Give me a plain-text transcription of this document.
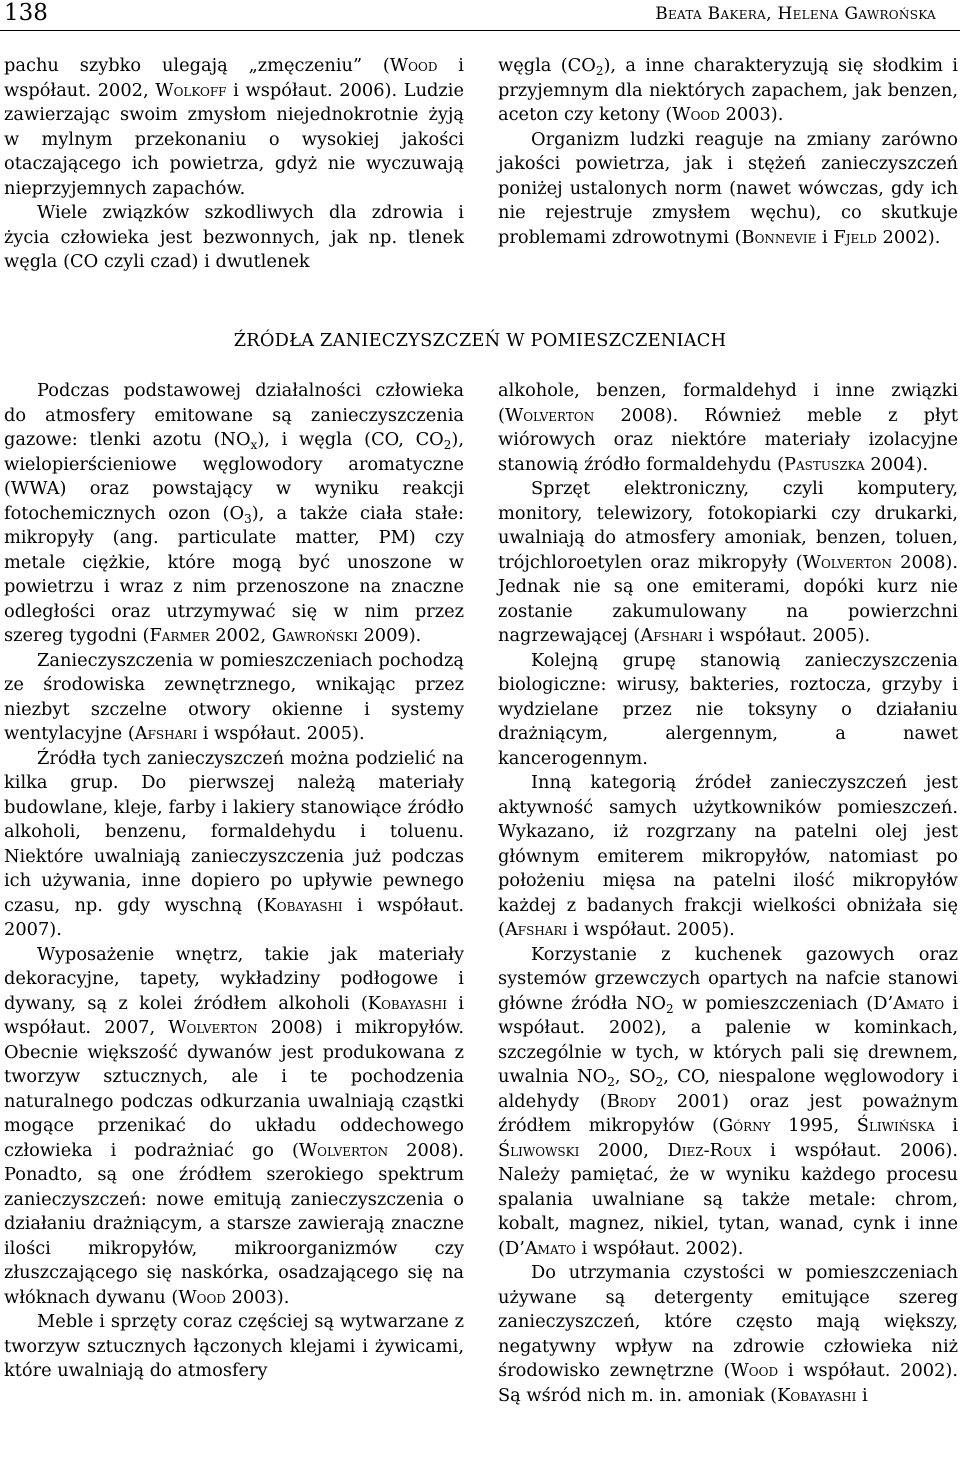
138	Beata Bakera, Helena Gawrońska

pachu szybko ulegają „zmęczeniu” (Wood i współaut. 2002, Wolkoff i współaut. 2006). Ludzie zawierzając swoim zmysłom niejednokrotnie żyją w mylnym przekonaniu o wysokiej jakości otaczającego ich powietrza, gdyż nie wyczuwają nieprzyjemnych zapachów.

Wiele związków szkodliwych dla zdrowia i życia człowieka jest bezwonnych, jak np. tlenek węgla (CO czyli czad) i dwutlenek

węgla $(CO_2)$, a inne charakteryzują się słodkim i przyjemnym dla niektórych zapachem, jak benzen, aceton czy ketony (Wood 2003).

Organizm ludzki reaguje na zmiany zarówno jakości powietrza, jak i stężeń zanieczyszczeń poniżej ustalonych norm (nawet wówczas, gdy ich nie rejestruje zmysłem węchu), co skutkuje problemami zdrowotnymi (Bonnevie i Fjeld 2002).

ŹRÓDŁA ZANIECZYSZCZEŃ W POMIESZCZENIACH

Podczas podstawowej działalności człowieka do atmosfery emitowane są zanieczyszczenia gazowe: tlenki azotu $(NO_x)$, i węgla (CO, $CO_2$), wielopierścieniowe węglowodory aromatyczne (WWA) oraz powstający w wyniku reakcji fotochemicznych ozon $(O_3)$, a także ciała stałe: mikropyły (ang. particulate matter, PM) czy metale ciężkie, które mogą być unoszone w powietrzu i wraz z nim przenoszone na znaczne odległości oraz utrzymywać się w nim przez szereg tygodni (Farmer 2002, Gawroński 2009).

Zanieczyszczenia w pomieszczeniach pochodzą ze środowiska zewnętrznego, wnikając przez niezbyt szczelne otwory okienne i systemy wentylacyjne (Afshari i współaut. 2005).

Źródła tych zanieczyszczeń można podzielić na kilka grup. Do pierwszej należą materiały budowlane, kleje, farby i lakiery stanowiące źródło alkoholi, benzenu, formaldehydu i toluenu. Niektóre uwalniają zanieczyszczenia już podczas ich używania, inne dopiero po upływie pewnego czasu, np. gdy wyschną (Kobayashi i współaut. 2007).

Wyposażenie wnętrz, takie jak materiały dekoracyjne, tapety, wykładziny podłogowe i dywany, są z kolei źródłem alkoholi (Kobayashi i współaut. 2007, Wolverton 2008) i mikropyłów. Obecnie większość dywanów jest produkowana z tworzyw sztucznych, ale i te pochodzenia naturalnego podczas odkurzania uwalniają cząstki mogące przenikać do układu oddechowego człowieka i podrażniać go (Wolverton 2008). Ponadto, są one źródłem szerokiego spektrum zanieczyszczeń: nowe emitują zanieczyszczenia o działaniu drażniącym, a starsze zawierają znaczne ilości mikropyłów, mikroorganizmów czy złuszczającego się naskórka, osadzającego się na włóknach dywanu (Wood 2003).

Meble i sprzęty coraz częściej są wytwarzane z tworzyw sztucznych łączonych klejami i żywicami, które uwalniają do atmosfery

alkohole, benzen, formaldehyd i inne związki (Wolverton 2008). Również meble z płyt wiórowych oraz niektóre materiały izolacyjne stanowią źródło formaldehydu (Pastuszka 2004).

Sprzęt elektroniczny, czyli komputery, monitory, telewizory, fotokopiarki czy drukarki, uwalniają do atmosfery amoniak, benzen, toluen, trójchloroetylen oraz mikropyły (Wolverton 2008). Jednak nie są one emiterami, dopóki kurz nie zostanie zakumulowany na powierzchni nagrzewającej (Afshari i współaut. 2005).

Kolejną grupę stanowią zanieczyszczenia biologiczne: wirusy, bakteries, roztocza, grzyby i wydzielane przez nie toksyny o działaniu drażniącym, alergennym, a nawet kancerogennym.

Inną kategorią źródeł zanieczyszczeń jest aktywność samych użytkowników pomieszczeń. Wykazano, iż rozgrzany na patelni olej jest głównym emiterem mikropyłów, natomiast po położeniu mięsa na patelni ilość mikropyłów każdej z badanych frakcji wielkości obniżała się (Afshari i współaut. 2005).

Korzystanie z kuchenek gazowych oraz systemów grzewczych opartych na nafcie stanowi główne źródła $NO_2$ w pomieszczeniach (D’Amato i współaut. 2002), a palenie w kominkach, szczególnie w tych, w których pali się drewnem, uwalnia $NO_2$, $SO_2$, CO, niespalone węglowodory i aldehydy (Brody 2001) oraz jest poważnym źródłem mikropyłów (Górny 1995, Śliwińska i Śliwowski 2000, Diez-Roux i współaut. 2006). Należy pamiętać, że w wyniku każdego procesu spalania uwalniane są także metale: chrom, kobalt, magnez, nikiel, tytan, wanad, cynk i inne (D’Amato i współaut. 2002).

Do utrzymania czystości w pomieszczeniach używane są detergenty emitujące szereg zanieczyszczeń, które często mają większy, negatywny wpływ na zdrowie człowieka niż środowisko zewnętrzne (Wood i współaut. 2002). Są wśród nich m. in. amoniak (Kobayashi i
